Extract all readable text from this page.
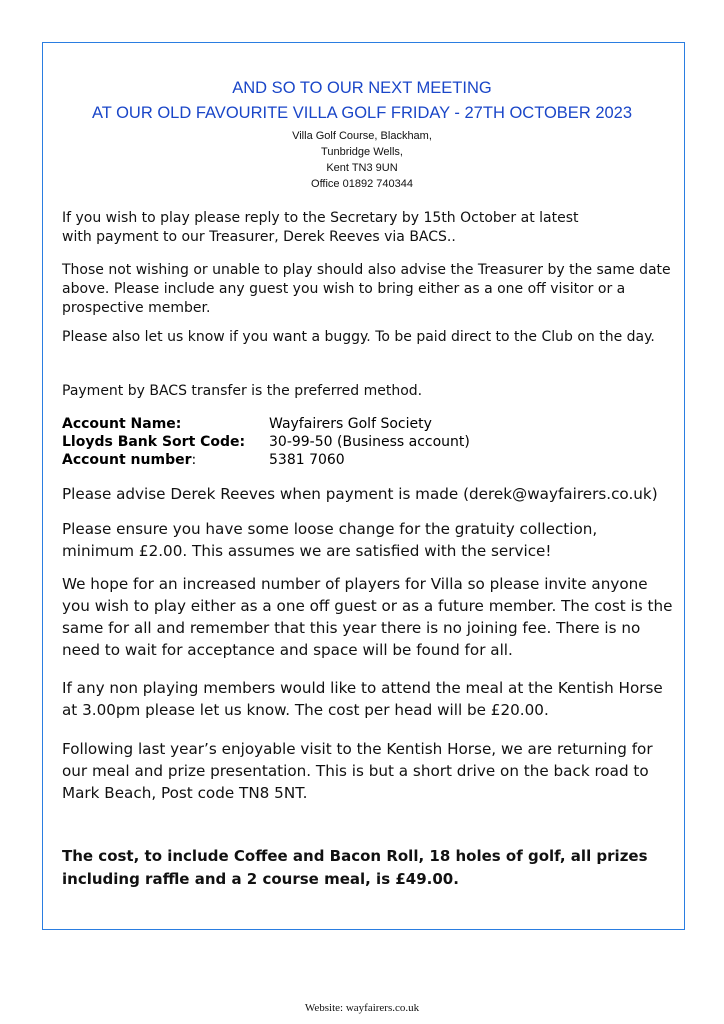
AND SO TO OUR NEXT MEETING
AT OUR OLD FAVOURITE VILLA GOLF FRIDAY - 27TH OCTOBER 2023
Villa Golf Course, Blackham,
Tunbridge Wells,
Kent TN3 9UN
Office 01892 740344
If you wish to play please reply to the Secretary by 15th October at latest with payment to our Treasurer, Derek Reeves via BACS..
Those not wishing or unable to play should also advise the Treasurer by the same date above. Please include any guest you wish to bring either as a one off visitor or a prospective member.
Please also let us know if you want a buggy. To be paid direct to the Club on the day.
Payment by BACS transfer is the preferred method.
Account Name:	Wayfairers Golf Society
Lloyds Bank Sort Code: 30-99-50 (Business account)
Account number:	5381 7060
Please advise Derek Reeves when payment is made (derek@wayfairers.co.uk)
Please ensure you have some loose change for the gratuity collection, minimum £2.00. This assumes we are satisfied with the service!
We hope for an increased number of players for Villa so please invite anyone you wish to play either as a one off guest or as a future member. The cost is the same for all and remember that this year there is no joining fee. There is no need to wait for acceptance and space will be found for all.
If any non playing members would like to attend the meal at the Kentish Horse at 3.00pm please let us know. The cost per head will be £20.00.
Following last year’s enjoyable visit to the Kentish Horse, we are returning for our meal and prize presentation. This is but a short drive on the back road to Mark Beach, Post code TN8 5NT.
The cost, to include Coffee and Bacon Roll, 18 holes of golf, all prizes including raffle and a 2 course meal, is £49.00.
Website: wayfairers.co.uk
